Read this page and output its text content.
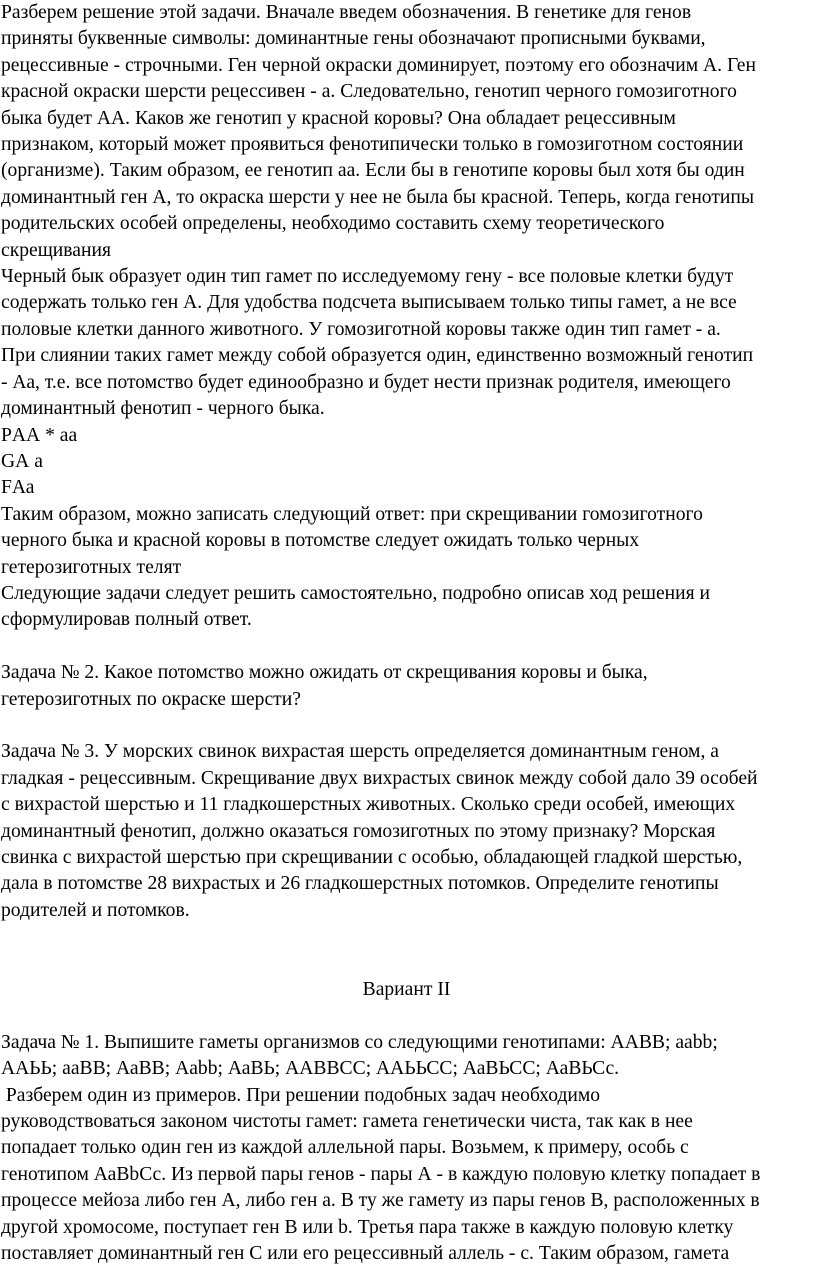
Разберем решение этой задачи. Вначале введем обозначения. В генетике для генов

приняты буквенные символы: доминантные гены обозначают прописными буквами,

рецессивные - строчными. Ген черной окраски доминирует, поэтому его обозначим А. Ген

красной окраски шерсти рецессивен - а. Следовательно, генотип черного гомозиготного

быка будет АА. Каков же генотип у красной коровы? Она обладает рецессивным

признаком, который может проявиться фенотипически только в гомозиготном состоянии

(организме). Таким образом, ее генотип аа. Если бы в генотипе коровы был хотя бы один

доминантный ген А, то окраска шерсти у нее не была бы красной. Теперь, когда генотипы

родительских особей определены, необходимо составить схему теоретического

скрещивания

Черный бык образует один тип гамет по исследуемому гену - все половые клетки будут

содержать только ген А. Для удобства подсчета выписываем только типы гамет, а не все

половые клетки данного животного. У гомозиготной коровы также один тип гамет - а.

При слиянии таких гамет между собой образуется один, единственно возможный генотип

- Аа, т.е. все потомство будет единообразно и будет нести признак родителя, имеющего

доминантный фенотип - черного быка.

PАА * аа

GА а

FАа

Таким образом, можно записать следующий ответ: при скрещивании гомозиготного

черного быка и красной коровы в потомстве следует ожидать только черных

гетерозиготных телят

Следующие задачи следует решить самостоятельно, подробно описав ход решения и

сформулировав полный ответ.

Задача № 2. Какое потомство можно ожидать от скрещивания коровы и быка,

гетерозиготных по окраске шерсти?

Задача № 3. У морских свинок вихрастая шерсть определяется доминантным геном, а

гладкая - рецессивным. Скрещивание двух вихрастых свинок между собой дало 39 особей

с вихрастой шерстью и 11 гладкошерстных животных. Сколько среди особей, имеющих

доминантный фенотип, должно оказаться гомозиготных по этому признаку? Морская

свинка с вихрастой шерстью при скрещивании с особью, обладающей гладкой шерстью,

дала в потомстве 28 вихрастых и 26 гладкошерстных потомков. Определите генотипы

родителей и потомков.

Вариант II

Задача № 1. Выпишите гаметы организмов со следующими генотипами: ААВВ; aabb;

ААЬЬ; ааВВ; АаВВ; Aabb; АаВЬ; ААВВСС; ААЬЬСС; АаВЬСС; АаВЬСс.

Разберем один из примеров. При решении подобных задач необходимо

руководствоваться законом чистоты гамет: гамета генетически чиста, так как в нее

попадает только один ген из каждой аллельной пары. Возьмем, к примеру, особь с

генотипом АаВbСс. Из первой пары генов - пары А - в каждую половую клетку попадает в

процессе мейоза либо ген А, либо ген а. В ту же гамету из пары генов В, расположенных в

другой хромосоме, поступает ген В или b. Третья пара также в каждую половую клетку

поставляет доминантный ген С или его рецессивный аллель - с. Таким образом, гамета
